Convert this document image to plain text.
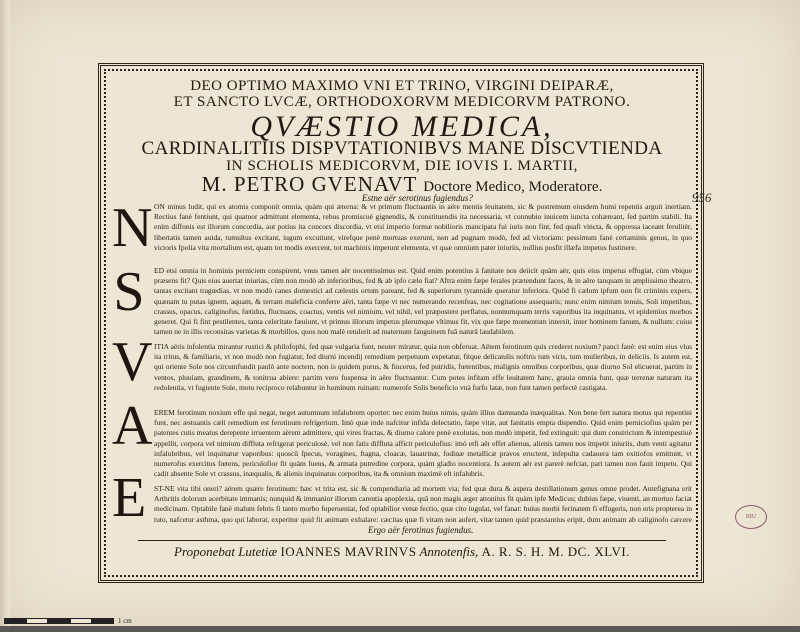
DEO OPTIMO MAXIMO VNI ET TRINO, VIRGINI DEIPARÆ,
ET SANCTO LVCÆ, ORTHODOXORVM MEDICORVM PATRONO.
QVÆSTIO MEDICA,
CARDINALITIIS DISPVTATIONIBVS MANE DISCVTIENDA
IN SCHOLIS MEDICORVM, DIE IOVIS I. MARTII,
M. PETRO GVENAVT Doctore Medico, Moderatore.
Estne aër serotinus fugiendus?	956
N ON minus ludit, qui ex atomis componit omnia, quàm qui æterna: & vt primum fluctuantis in aëre mentis leuitatem, sic & postremum eiusdem humi repentis arguit inertiam. Rectius fanè fentiunt, qui quatuor admittunt elementa, rebus promiscuè gignendis, & constituendis ita necessaria, vt connubio inuicem iuncta cohæreant, fed partim stabili. Ita enim diffonis est illorum concordia, aut potius ita concors discordia, vt etsi imperio formæ nobilioris mancipata fui iuris non fint, fed quafi vincta, & oppressa iaceant ferulitèr, libertatis tamen auida, tumultus excitant, iugum excutiunt, virefque penè mortuas exerunt, non ad pugnam modò, fed ad victoriam: pessimum fanè certaminis genus, in quo victoris fpolia vita mortalium est, quam tot modis exercent, tot machinis impetunt elementa, vt quæ omnium pater iniuriis, nullius posfit illæfa impetus fustinere.
S ED etsi omnia in hominis perniciem conspirent, vnus tamen aër nocentissimus est. Quid enim potentius à fanitate nos deiicit quàm aër, quis eius impetus effugiat, cùm vbique præsens fit? Quis eius auertat iniurias, cùm non modò ab inferioribus, fed & ab ipfo cælo fiat? Aftra enim fæpe ferales prætendunt faces, & in aëre tanquam in amplissimo theatro, tantas excitant tragœdias, vt non modò canes domestici ad cælestis ortum pareant, fed & superiorum tyrannide queratur inferiora. Quòd fi cælum ipfum non fit criminis expers, quænam tu putas ignem, aquam, & terram maleficia conferre aëri, tanta fæpe vt nec numerando recenfeas, nec cogitatione assequaris; nunc enim nimium tenuis, Soli impetibus, crassus, opacus, caliginofus, fœtidus, fluctuans, coactus, ventis vel nimium, vel nihil, vel præpostere perflatus, nonnumquam terris vaporibus ita inquinatus, vt epidemios morbos generet. Qui fi fint pestilentes, tanta celeritate fæuiunt, vt primus illorum impetus plerumque vltimus fit, vix que fæpe momentum intersit, inter hominem fanum, & nullum: cuius tamen ne in illis reconsitas varietas & morbillos, quos non malè retulerit ad maternum fanguinem fuâ naturâ laudabilem.
V ITIA aëris infolentia mirantur rustici & philofophi, fed quæ vulgaria funt, neuter miratur, quia non obferuat. Aëtem ferotinum quis crederet noxium? panci fanè: est enim eius vlus ita tritus, & familiaris, vt non modò non fugiatur, fed diurni incendij remedium perpetuum expetatur, fitque delicatulis noftris tum viris, tum mulieribus, in deliciis. Is autem est, qui oriente Sole nos circumfundit paulò ante noctem, non is quidem purus, & fincerus, fed putridis, fœtentibus, malignis omnibus corporibus, quæ diurno Sol elicuerat, partim in ventos, pluuiam, grandinem, & tonitrua abiere: partim vero fuspensa in aëre fluctuantur. Cum potes infitam effe leuitatem hanc, grauia omnia funt, quæ terrenæ naturam ita redolentia, vt fugiente Sole, motu reciproco relabuntur in hominum ruinam: numerofe Solis beneficio vnà furfu latæ, non funt tamen perfectè castigata.
A EREM ferotinum noxium effe qui negat, neget autumnum infalubrem oportet: nec enim huius nimis, quàm illius damnanda inæqualitas. Non bene fert natura motus qui repentini funt, nec æstuantis cæli remedium est ferotinum refrigerium. Imò quæ inde nafcitur infida delectatio, fæpe vitæ, aut fanitatis empta dispendio. Quid enim perniciofius quàm per patentes cutis meatus derepente irruentem aërem admittere, qui vires fractas, & diurno calore penè exolutas, non modò impetit, fed extinguit: qui dum constrictum & intempestiuè appellit, corpora vel nimium diffluta refrigerat periculosè, vel non fatis diffluta afficit periculofius: imò etfi aër effet alienus, alienis tamen nos impetit iniuriis, dum venti agitatur infalubribus, vel inquinatur vaporibus: quoscū fpecus, voragines, ftagna, cloacæ, lauatrinæ, fodinæ metallicæ pravos eructent, infepulta cadauera tam exitiofos emittunt, vt numerofus exercitus fœtens, periculofior fit quàm fuens, & armata putredine corpora, quàm gladio nocentiora. Is autem aër est parerè nefciat, pari tamen non fauit impetu. Qui cadit absente Sole vt crassus, inæqualis, & alienis inquinatus corporibus, ita & omnium maximè eft infalubris.
E ST-NE vita tibi oneri? aërem quære ferotinum: hæc vt trita est, sic & compendiaria ad mortem via; fed quæ dura & aspera destillationum genus omne prodet. Antefignana erit Arthritis dolorum acerbitate immanis; nunquid & immanior illorum carentia apoplexia, quâ non magis æger attonitus fit quàm ipfe Medicus; dubius fæpe, viuenti, an mortuo faciat medicinam. Optabile fanè malum febris fi tanto morbo fuperueniat, fed optabilior venæ fectio, quæ cito iugulat, vel fanat: huius morbi ferinatem fi effugeris, non eris propterea in tuto, nafcetur asthma, quo qui laborat, experitur quid fit animam exhalare: cæcitas quæ fi vitam non aufert, vitæ tamen quid præstantius eripit, dum animam ab caliginofo carcere
Ergo aër ferotinus fugiendus.
Proponebat Lutetiæ IOANNES MAVRINVS Annotenfis, A. R. S. H. M. DC. XLVI.
BIU
1 cm
